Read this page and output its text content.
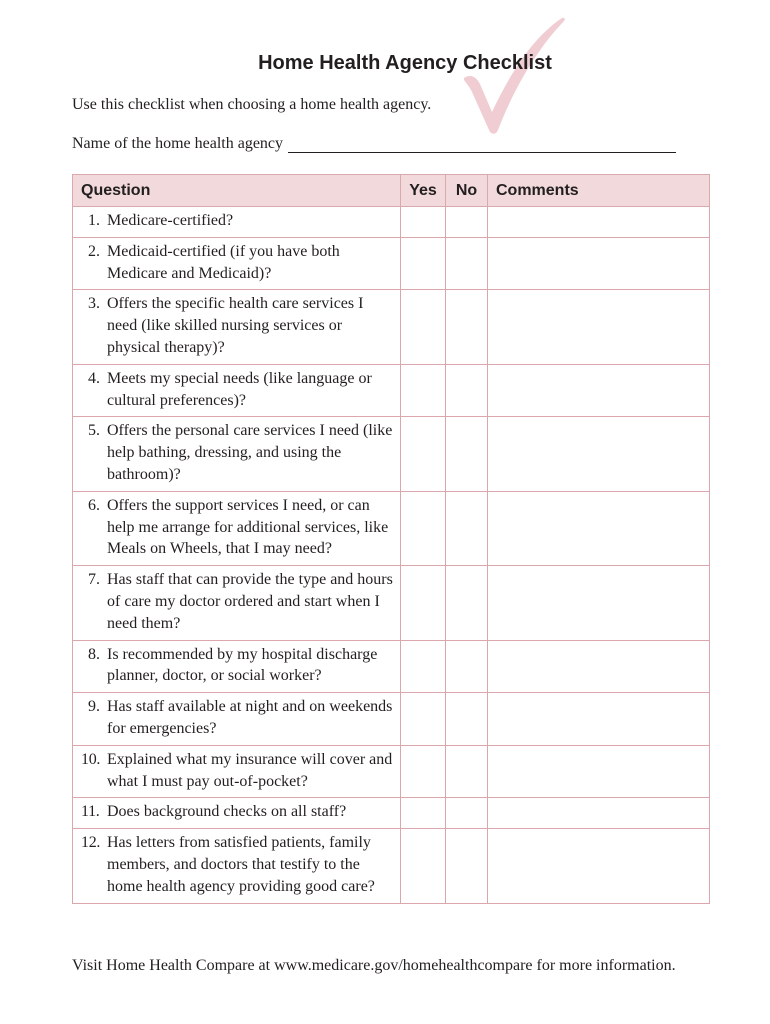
Home Health Agency Checklist
Use this checklist when choosing a home health agency.
Name of the home health agency
Question	Yes	No	Comments

1. Medicare-certified?			

2. Medicaid-certified (if you have both Medicare and Medicaid)?			

3. Offers the specific health care services I need (like skilled nursing services or physical therapy)?			

4. Meets my special needs (like language or cultural preferences)?			

5. Offers the personal care services I need (like help bathing, dressing, and using the bathroom)?			

6. Offers the support services I need, or can help me arrange for additional services, like Meals on Wheels, that I may need?			

7. Has staff that can provide the type and hours of care my doctor ordered and start when I need them?			

8. Is recommended by my hospital discharge planner, doctor, or social worker?			

9. Has staff available at night and on weekends for emergencies?			

10. Explained what my insurance will cover and what I must pay out-of-pocket?			

11. Does background checks on all staff?			

12. Has letters from satisfied patients, family members, and doctors that testify to the home health agency providing good care?			

Visit Home Health Compare at www.medicare.gov/homehealthcompare for more information.
